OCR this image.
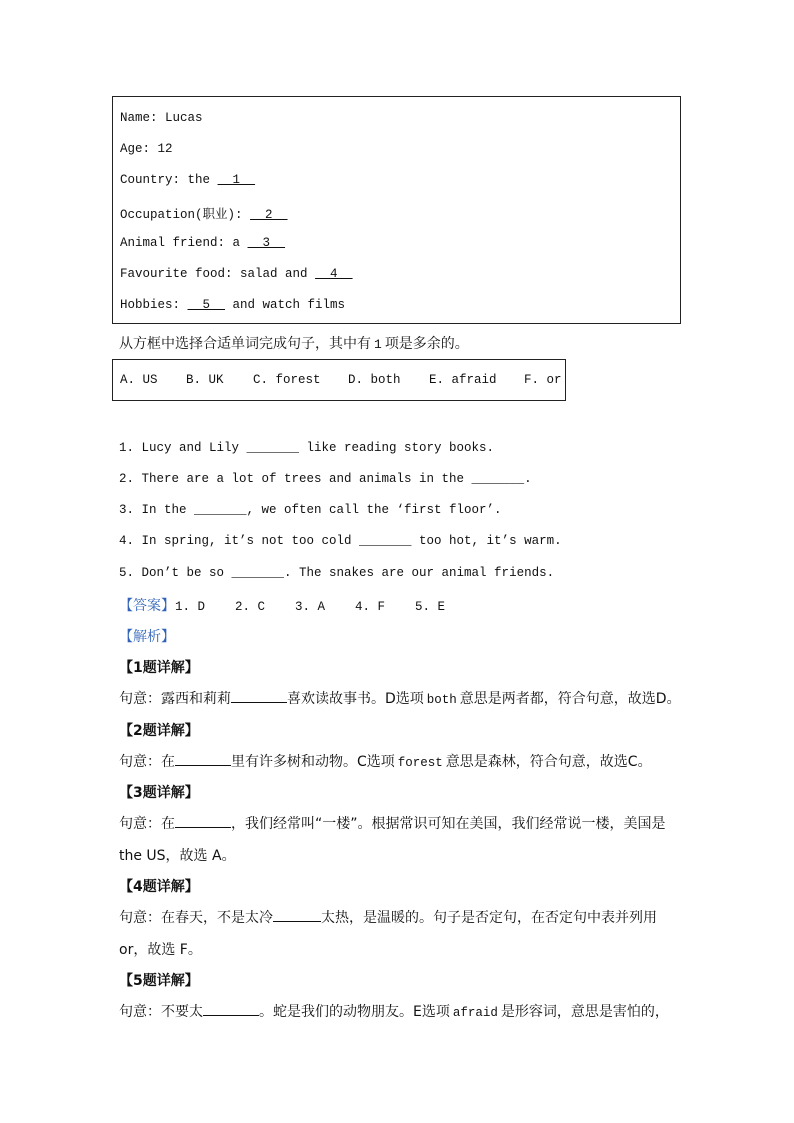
Name: Lucas
Age: 12
Country: the   1
Occupation(职业):   2
Animal friend: a   3
Favourite food: salad and   4
Hobbies:   5   and watch films
从方框中选择合适单词完成句子，其中有 1 项是多余的。
A. US B. UK C. forest D. both E. afraid F. or
1. Lucy and Lily _______ like reading story books.
2. There are a lot of trees and animals in the _______.
3. In the _______, we often call the ‘first floor’.
4. In spring, it’s not too cold _______ too hot, it’s warm.
5. Don’t be so _______. The snakes are our animal friends.
【答案】1. D    2. C    3. A    4. F    5. E
【解析】
【1题详解】
句意：露西和莉莉	喜欢读故事书。D选项 both 意思是两者都，符合句意，故选D。
【2题详解】
句意：在	里有许多树和动物。C选项 forest 意思是森林，符合句意，故选C。
【3题详解】
句意：在	，我们经常叫“一楼”。根据常识可知在美国，我们经常说一楼，美国是
the US，故选 A。
【4题详解】
句意：在春天，不是太冷	太热，是温暖的。句子是否定句，在否定句中表并列用
or，故选 F。
【5题详解】
句意：不要太	。蛇是我们的动物朋友。E选项 afraid 是形容词，意思是害怕的，
